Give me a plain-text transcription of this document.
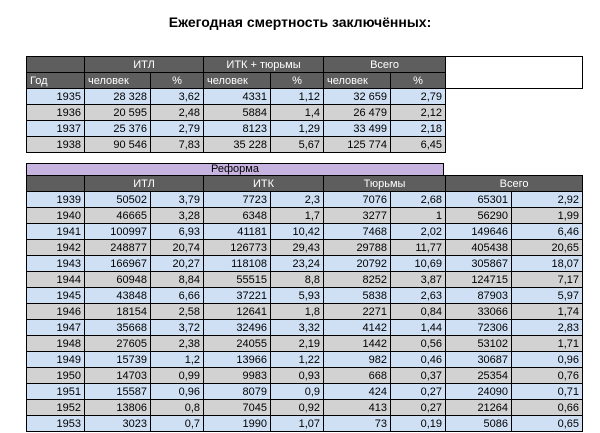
Ежегодная смертность заключённых:
	ИТЛ		ИТК + тюрьмы		Всего		
Год	человек	%	человек	%	человек	%	
1935	28 328	3,62	4331	1,12	32 659	2,79	
1936	20 595	2,48	5884	1,4	26 479	2,12	
1937	25 376	2,79	8123	1,29	33 499	2,18	
1938	90 546	7,83	35 228	5,67	125 774	6,45	
Реформа
	ИТЛ		ИТК		Тюрьмы		Всего	
1939	50502	3,79	7723	2,3	7076	2,68	65301	2,92
1940	46665	3,28	6348	1,7	3277	1	56290	1,99
1941	100997	6,93	41181	10,42	7468	2,02	149646	6,46
1942	248877	20,74	126773	29,43	29788	11,77	405438	20,65
1943	166967	20,27	118108	23,24	20792	10,69	305867	18,07
1944	60948	8,84	55515	8,8	8252	3,87	124715	7,17
1945	43848	6,66	37221	5,93	5838	2,63	87903	5,97
1946	18154	2,58	12641	1,8	2271	0,84	33066	1,74
1947	35668	3,72	32496	3,32	4142	1,44	72306	2,83
1948	27605	2,38	24055	2,19	1442	0,56	53102	1,71
1949	15739	1,2	13966	1,22	982	0,46	30687	0,96
1950	14703	0,99	9983	0,93	668	0,37	25354	0,76
1951	15587	0,96	8079	0,9	424	0,27	24090	0,71
1952	13806	0,8	7045	0,92	413	0,27	21264	0,66
1953	3023	0,7	1990	1,07	73	0,19	5086	0,65
